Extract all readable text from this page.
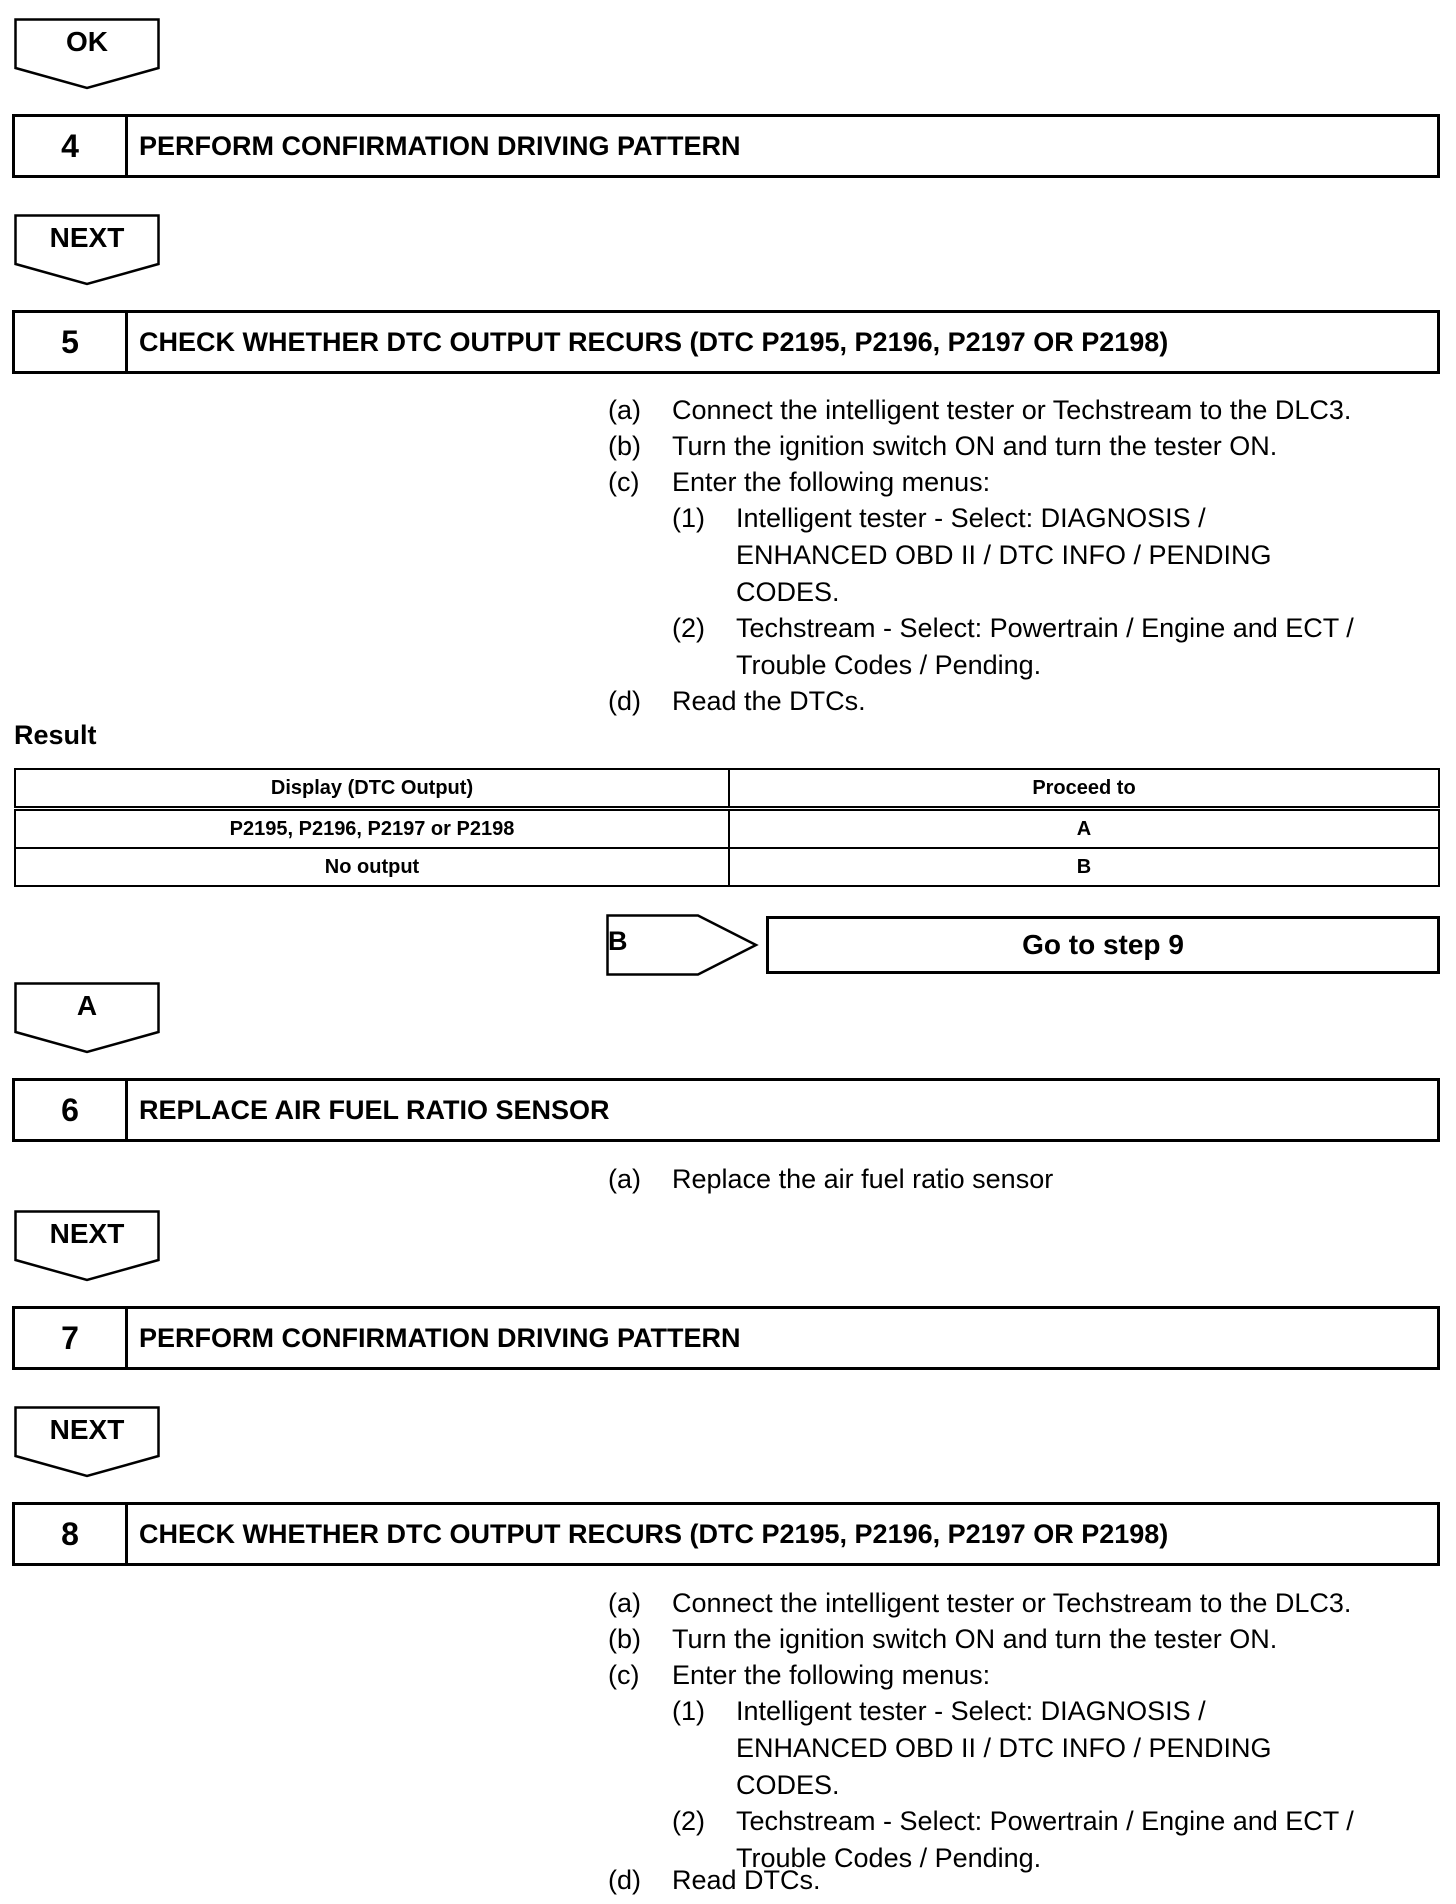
OK
4	PERFORM CONFIRMATION DRIVING PATTERN
NEXT
5	CHECK WHETHER DTC OUTPUT RECURS (DTC P2195, P2196, P2197 OR P2198)
(a) Connect the intelligent tester or Techstream to the DLC3.
(b) Turn the ignition switch ON and turn the tester ON.
(c) Enter the following menus:
(1) Intelligent tester - Select: DIAGNOSIS /
ENHANCED OBD II / DTC INFO / PENDING
CODES.
(2) Techstream - Select: Powertrain / Engine and ECT /
Trouble Codes / Pending.
(d) Read the DTCs.
Result
Display (DTC Output)	Proceed to
P2195, P2196, P2197 or P2198	A
No output	B
B	Go to step 9
A
6	REPLACE AIR FUEL RATIO SENSOR
(a) Replace the air fuel ratio sensor
NEXT
7	PERFORM CONFIRMATION DRIVING PATTERN
NEXT
8	CHECK WHETHER DTC OUTPUT RECURS (DTC P2195, P2196, P2197 OR P2198)
(a) Connect the intelligent tester or Techstream to the DLC3.
(b) Turn the ignition switch ON and turn the tester ON.
(c) Enter the following menus:
(1) Intelligent tester - Select: DIAGNOSIS /
ENHANCED OBD II / DTC INFO / PENDING
CODES.
(2) Techstream - Select: Powertrain / Engine and ECT /
Trouble Codes / Pending.
(d) Read DTCs.
